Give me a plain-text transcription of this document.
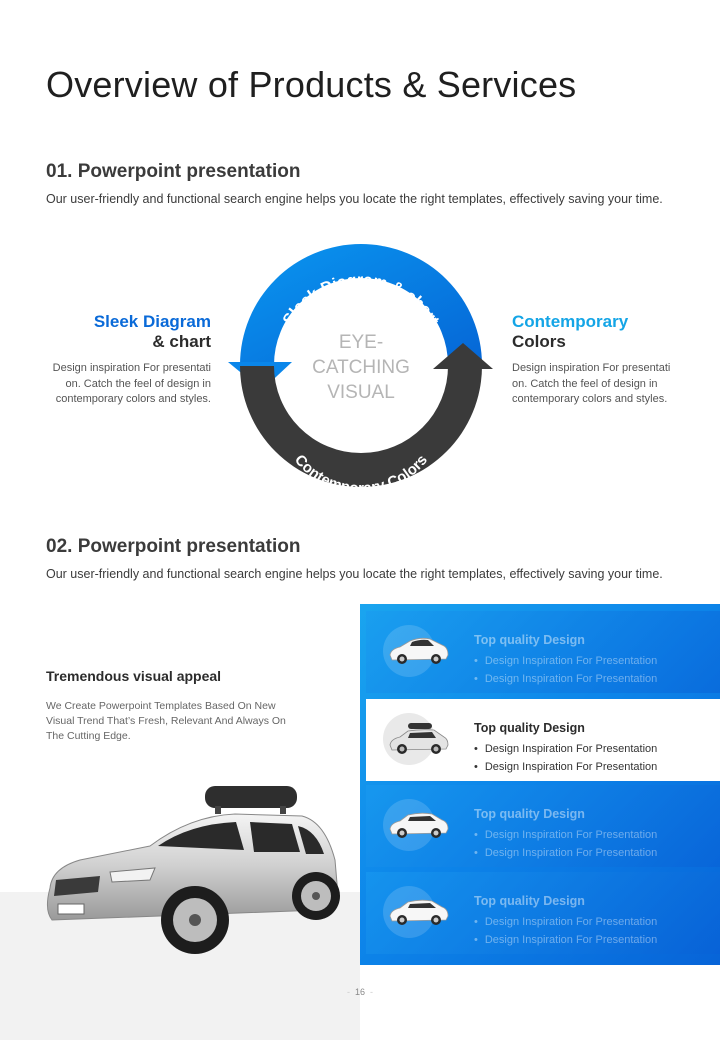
Overview of Products & Services
01. Powerpoint presentation
Our user-friendly and functional search engine helps you locate the right templates, effectively saving your time.
Sleek Diagram
& chart
Design inspiration For presentati on. Catch the feel of design in contemporary colors and styles.
Contemporary
Colors
Design inspiration For presentati on. Catch the feel of design in contemporary colors and styles.
Sleek Diagram & chart
Contemporary Colors
EYE-
CATCHING
VISUAL
02. Powerpoint presentation
Our user-friendly and functional search engine helps you locate the right templates, effectively saving your time.
Tremendous visual appeal
We Create Powerpoint Templates Based On New Visual Trend That’s Fresh, Relevant And Always On The Cutting Edge.
Top quality Design
• Design Inspiration For Presentation
• Design Inspiration For Presentation
Top quality Design
• Design Inspiration For Presentation
• Design Inspiration For Presentation
Top quality Design
• Design Inspiration For Presentation
• Design Inspiration For Presentation
Top quality Design
• Design Inspiration For Presentation
• Design Inspiration For Presentation
-  16  -
